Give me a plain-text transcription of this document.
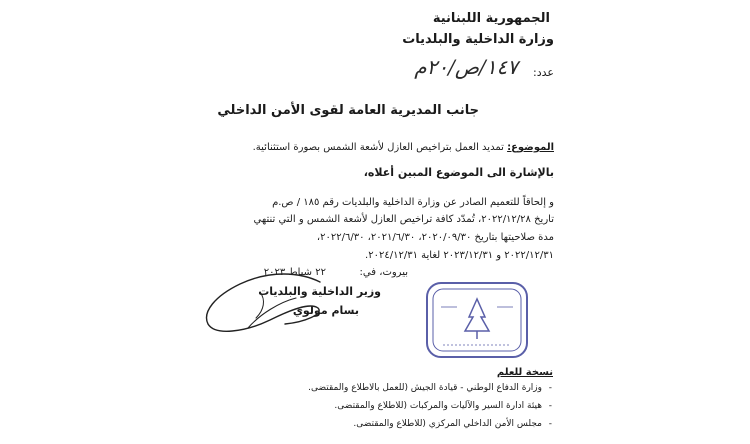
الجمهورية اللبنانية
وزارة الداخلية والبلديات
عدد:
١٤٧/ص/٢٠م
جانب المديرية العامة لقوى الأمن الداخلي
الموضوع: تمديد العمل بتراخيص العازل لأشعة الشمس بصورة استثنائية.
بالإشارة الى الموضوع المبين أعلاه،
و إلحاقاً للتعميم الصادر عن وزارة الداخلية والبلديات رقم ١٨٥ / ص.م
تاريخ ٢٠٢٢/١٢/٢٨، تُمدّد كافة تراخيص العازل لأشعة الشمس و التي تنتهي
مدة صلاحيتها بتاريخ ٢٠٢٠/٠٩/٣٠، ٢٠٢١/٦/٣٠، ٢٠٢٢/٦/٣٠،
٢٠٢٢/١٢/٣١ و ٢٠٢٣/١٢/٣١ لغاية ٢٠٢٤/١٢/٣١.
٢٢ شباط ٢٠٢٣	بيروت، في:
وزير الداخلية والبلديات
بسام مولوي
نسخة للعلم
- وزارة الدفاع الوطني - قيادة الجيش (للعمل بالاطلاع والمقتضى.
- هيئة ادارة السير والآليات والمركبات (للاطلاع والمقتضى.
- مجلس الأمن الداخلي المركزي (للاطلاع والمقتضى.
